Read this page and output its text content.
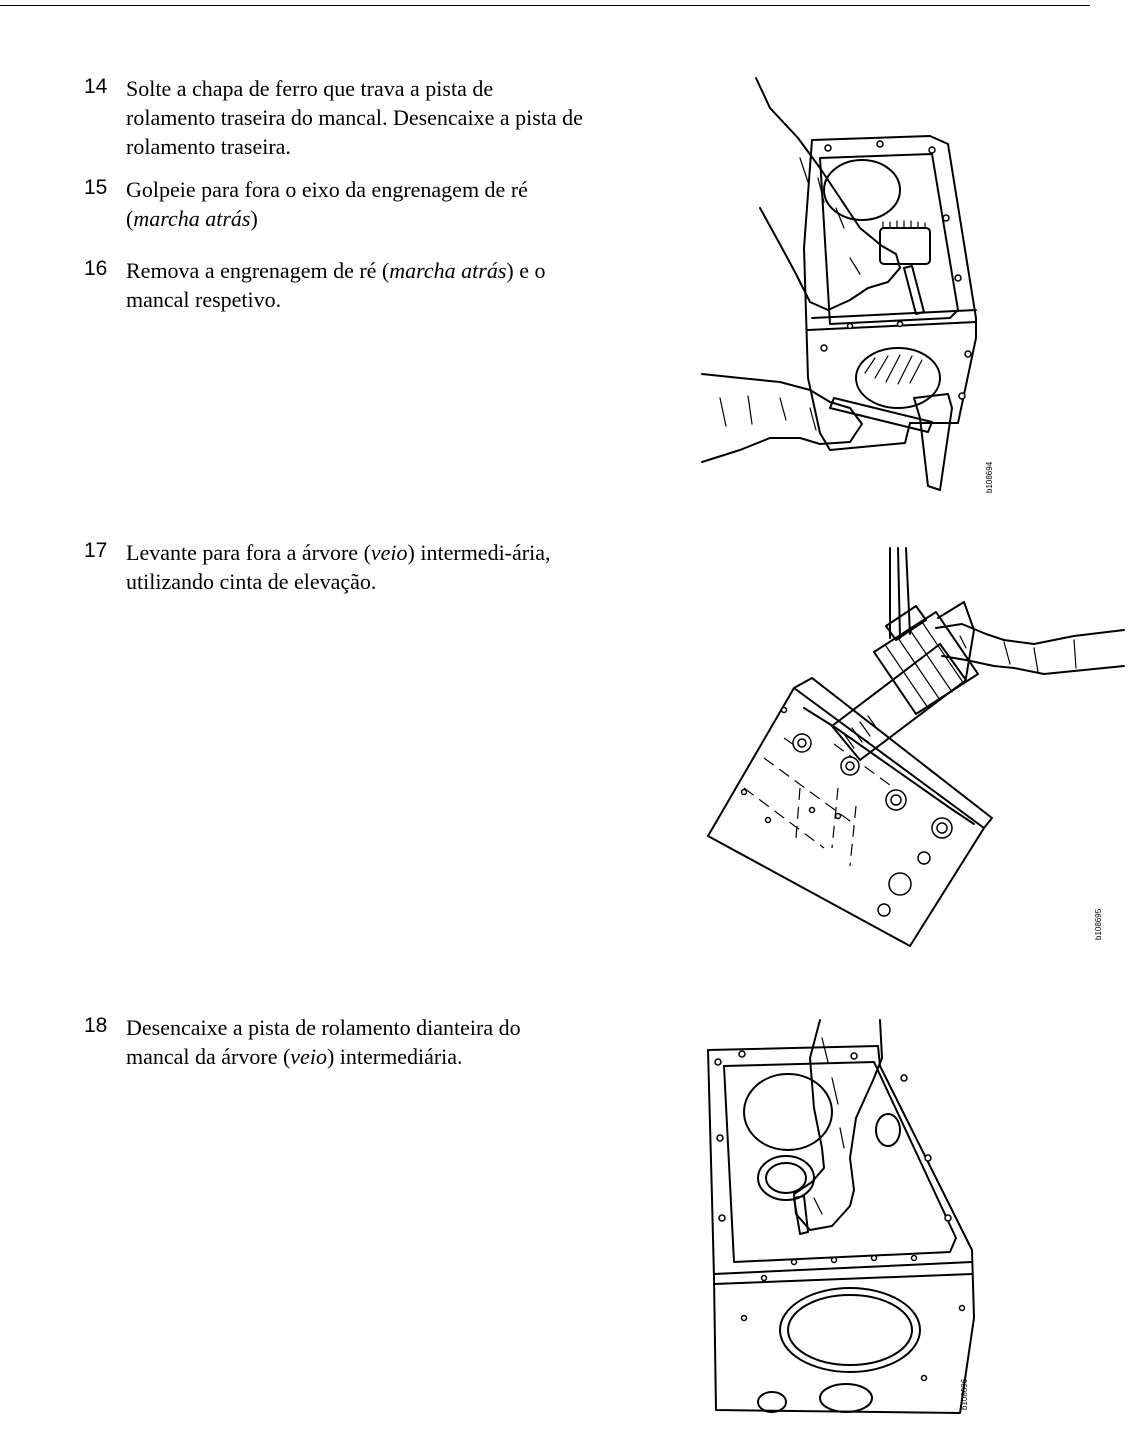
14 Solte a chapa de ferro que trava a pista de rolamento traseira do mancal. Desencaixe a pista de rolamento traseira.

15 Golpeie para fora o eixo da engrenagem de ré (marcha atrás)

16 Remova a engrenagem de ré (marcha atrás) e o mancal respetivo.

17 Levante para fora a árvore (veio) intermedi-ária, utilizando cinta de elevação.

18 Desencaixe a pista de rolamento dianteira do mancal da árvore (veio) intermediária.

b108694
b108695
b108696
